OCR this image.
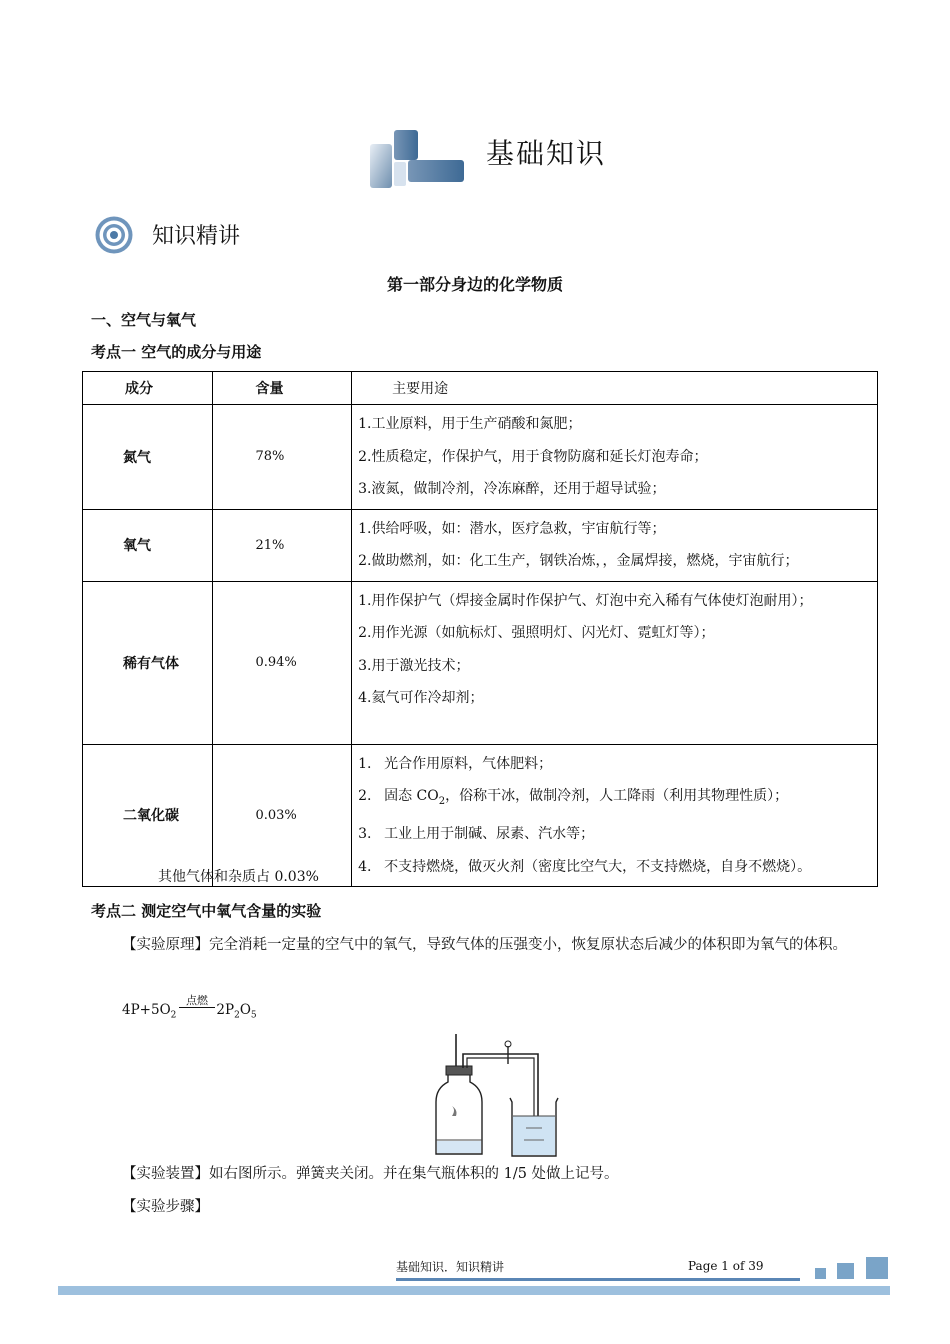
基础知识
知识精讲
第一部分身边的化学物质
一、空气与氧气
考点一 空气的成分与用途
成分	含量	主要用途
氮气	78%	1.工业原料，用于生产硝酸和氮肥；
2.性质稳定，作保护气，用于食物防腐和延长灯泡寿命；
3.液氮，做制冷剂，冷冻麻醉，还用于超导试验；

氧气	21%	1.供给呼吸，如：潜水，医疗急救，宇宙航行等；
2.做助燃剂，如：化工生产，钢铁冶炼，，金属焊接，燃烧，宇宙航行；

稀有气体	0.94%	1.用作保护气（焊接金属时作保护气、灯泡中充入稀有气体使灯泡耐用）；
2.用作光源（如航标灯、强照明灯、闪光灯、霓虹灯等）；
3.用于激光技术；
4.氦气可作冷却剂；

二氧化碳	0.03%	1. 光合作用原料，气体肥料；
2. 固态 $CO_2$，俗称干冰，做制冷剂，人工降雨（利用其物理性质）；
3. 工业上用于制碱、尿素、汽水等；
4. 不支持燃烧，做灭火剂（密度比空气大，不支持燃烧，自身不燃烧）。
其他气体和杂质占 0.03%
考点二 测定空气中氧气含量的实验
【实验原理】完全消耗一定量的空气中的氧气，导致气体的压强变小，恢复原状态后减少的体积即为氧气的体积。
$4P+5O_2$	$2P_2O_5$
点燃
【实验装置】如右图所示。弹簧夹关闭。并在集气瓶体积的 1/5 处做上记号。
【实验步骤】
基础知识．知识精讲	Page 1 of 39
